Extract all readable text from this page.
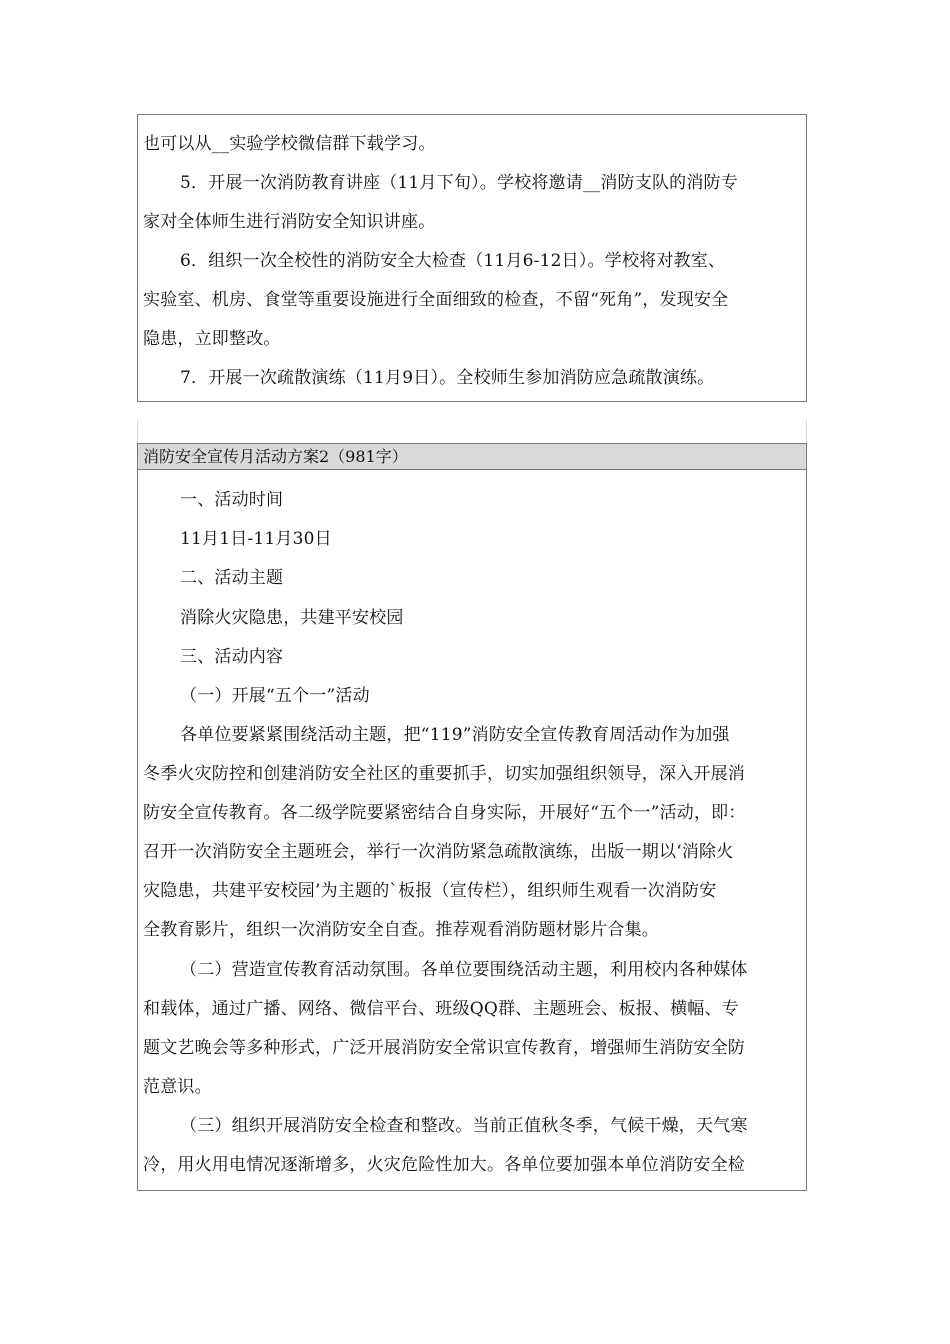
也可以从__实验学校微信群下载学习。
5．开展一次消防教育讲座（11月下旬）。学校将邀请__消防支队的消防专
家对全体师生进行消防安全知识讲座。
6．组织一次全校性的消防安全大检查（11月6-12日）。学校将对教室、
实验室、机房、食堂等重要设施进行全面细致的检查，不留“死角”，发现安全
隐患，立即整改。
7．开展一次疏散演练（11月9日）。全校师生参加消防应急疏散演练。
消防安全宣传月活动方案2（981字）
一、活动时间
11月1日-11月30日
二、活动主题
消除火灾隐患，共建平安校园
三、活动内容
（一）开展“五个一”活动
各单位要紧紧围绕活动主题，把“119”消防安全宣传教育周活动作为加强
冬季火灾防控和创建消防安全社区的重要抓手，切实加强组织领导，深入开展消
防安全宣传教育。各二级学院要紧密结合自身实际，开展好“五个一”活动，即：
召开一次消防安全主题班会，举行一次消防紧急疏散演练，出版一期以‘消除火
灾隐患，共建平安校园’为主题的`板报（宣传栏），组织师生观看一次消防安
全教育影片，组织一次消防安全自查。推荐观看消防题材影片合集。
（二）营造宣传教育活动氛围。各单位要围绕活动主题，利用校内各种媒体
和载体，通过广播、网络、微信平台、班级QQ群、主题班会、板报、横幅、专
题文艺晚会等多种形式，广泛开展消防安全常识宣传教育，增强师生消防安全防
范意识。
（三）组织开展消防安全检查和整改。当前正值秋冬季，气候干燥，天气寒
冷，用火用电情况逐渐增多，火灾危险性加大。各单位要加强本单位消防安全检
